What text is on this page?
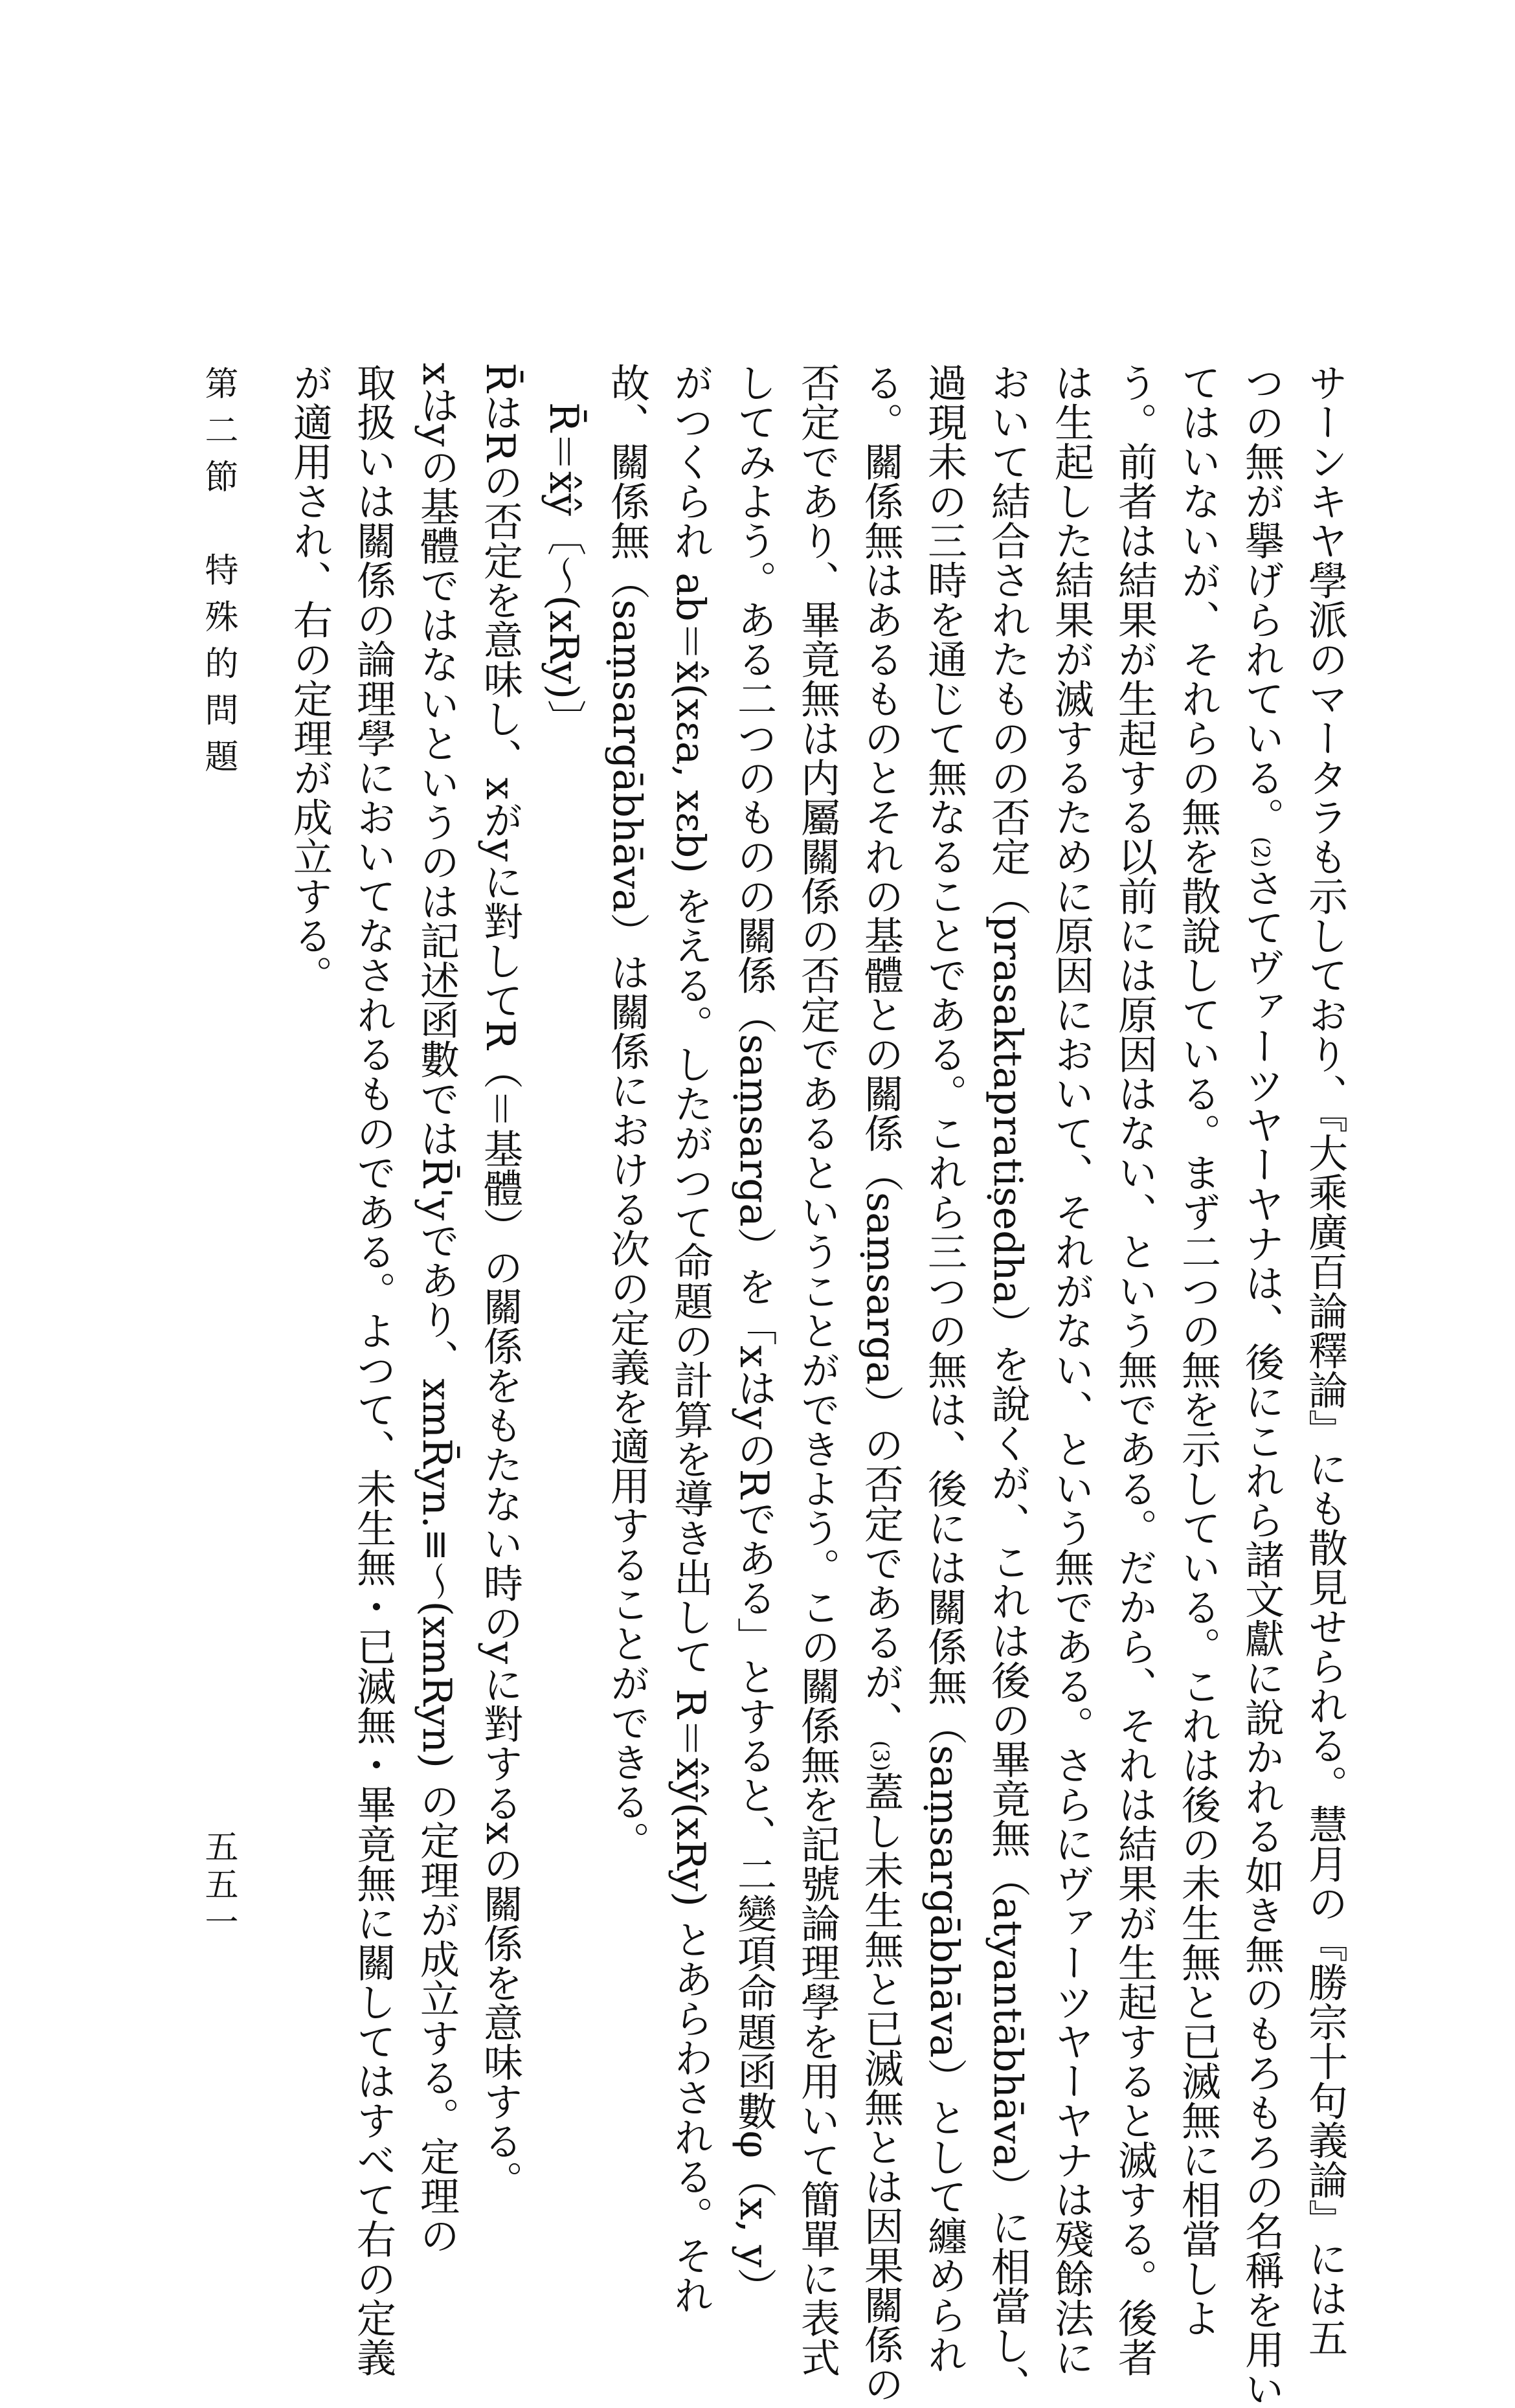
サーンキヤ學派のマータラも示しており、『大乘廣百論釋論』にも散見せられる。慧月の『勝宗十句義論』には五
つの無が擧げられている。$^{(2)}$さてヴァーツヤーヤナは、後にこれら諸文獻に說かれる如き無のもろもろの名稱を用い
てはいないが、それらの無を散說している。まず二つの無を示している。これは後の未生無と已滅無に相當しよ
う。前者は結果が生起する以前には原因はない、という無である。だから、それは結果が生起すると滅する。後者
は生起した結果が滅するために原因において、それがない、という無である。さらにヴァーツヤーヤナは殘餘法に
おいて結合されたものの否定（prasaktapratiṣedha）を說くが、これは後の畢竟無（atyantābhāva）に相當し、
過現未の三時を通じて無なることである。これら三つの無は、後には關係無（saṃsargābhāva）として纏められ
る。關係無はあるものとそれの基體との關係（saṃsarga）の否定であるが、$^{(3)}$蓋し未生無と已滅無とは因果關係の
否定であり、畢竟無は内屬關係の否定であるということができよう。この關係無を記號論理學を用いて簡單に表式
してみよう。ある二つのものの關係（saṃsarga）を「xはyのRである」とすると、二變項命題函數φ（x, y）
がつくられ ab＝x̂(xεa, xεb) をえる。したがつて命題の計算を導き出して R＝x̂ŷ(xRy) とあらわされる。それ
故、關係無（saṃsargābhāva）は關係における次の定義を適用することができる。
R̄＝x̂ŷ〔～(xRy)〕
R̄はRの否定を意味し、xがyに對してR（＝基體）の關係をもたない時のyに對するxの關係を意味する。
xはyの基體ではないというのは記述函數ではR̄'yであり、xmR̄yn.≡～(xmRyn) の定理が成立する。定理の
取扱いは關係の論理學においてなされるものである。よつて、未生無・已滅無・畢竟無に關してはすべて右の定義
が適用され、右の定理が成立する。
第二節　特殊的問題
五五一
